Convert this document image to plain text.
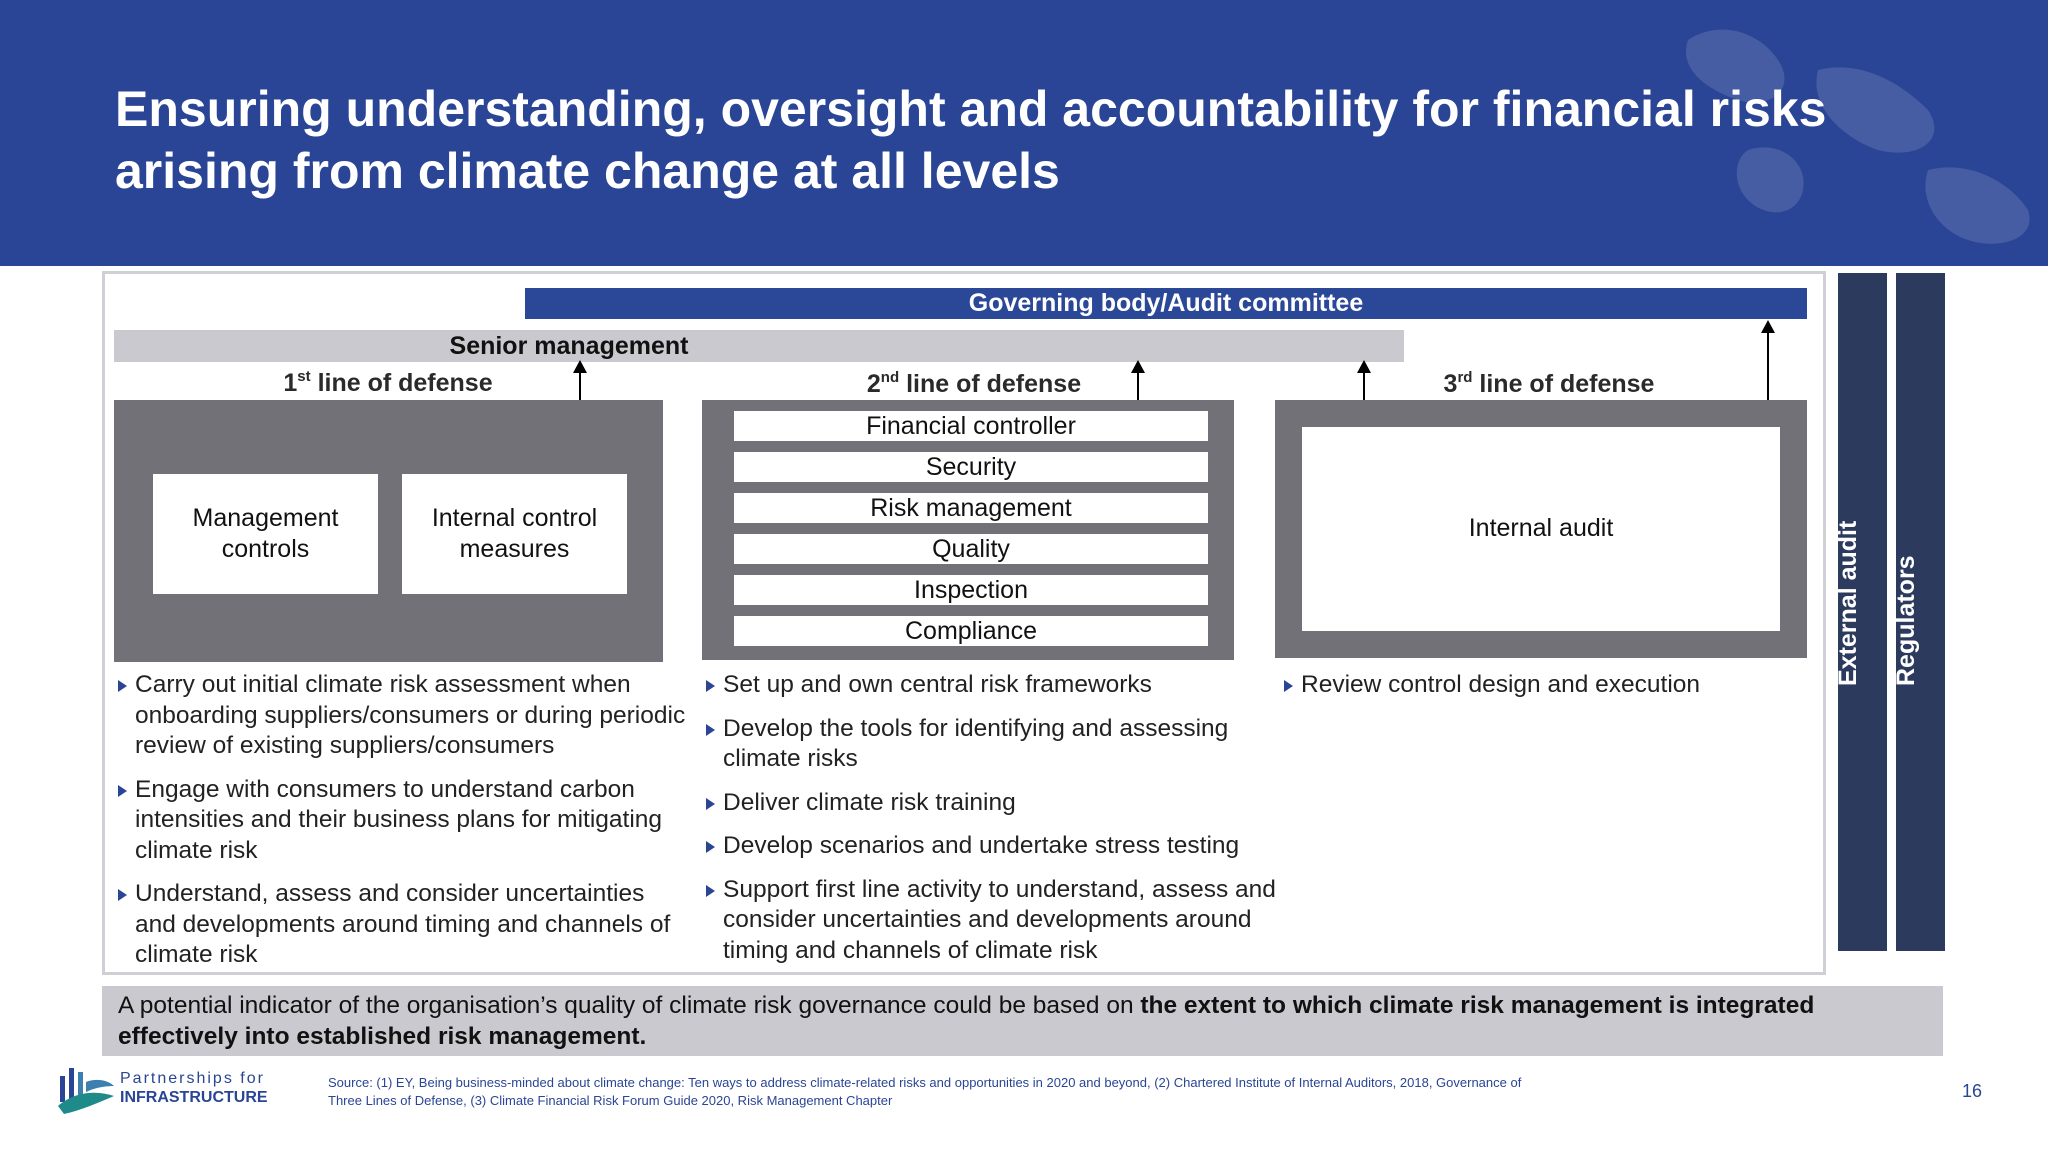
Ensuring understanding, oversight and accountability for financial risks arising from climate change at all levels
Governing body/Audit committee
Senior management
1st line of defense	2nd line of defense	3rd line of defense
Management controls
Internal control measures
Financial controller
Security
Risk management
Quality
Inspection
Compliance
Internal audit
Carry out initial climate risk assessment when onboarding suppliers/consumers or during periodic review of existing suppliers/consumers
Engage with consumers to understand carbon intensities and their business plans for mitigating climate risk
Understand, assess and consider uncertainties and developments around timing and channels of climate risk
Set up and own central risk frameworks
Develop the tools for identifying and assessing climate risks
Deliver climate risk training
Develop scenarios and undertake stress testing
Support first line activity to understand, assess and consider uncertainties and developments around timing and channels of climate risk
Review control design and execution	External audit Regulators
A potential indicator of the organisation’s quality of climate risk governance could be based on the extent to which climate risk management is integrated effectively into established risk management.
Partnerships for
INFRASTRUCTURE
Source: (1) EY, Being business-minded about climate change: Ten ways to address climate-related risks and opportunities in 2020 and beyond, (2) Chartered Institute of Internal Auditors, 2018, Governance of Three Lines of Defense, (3) Climate Financial Risk Forum Guide 2020, Risk Management Chapter	16
